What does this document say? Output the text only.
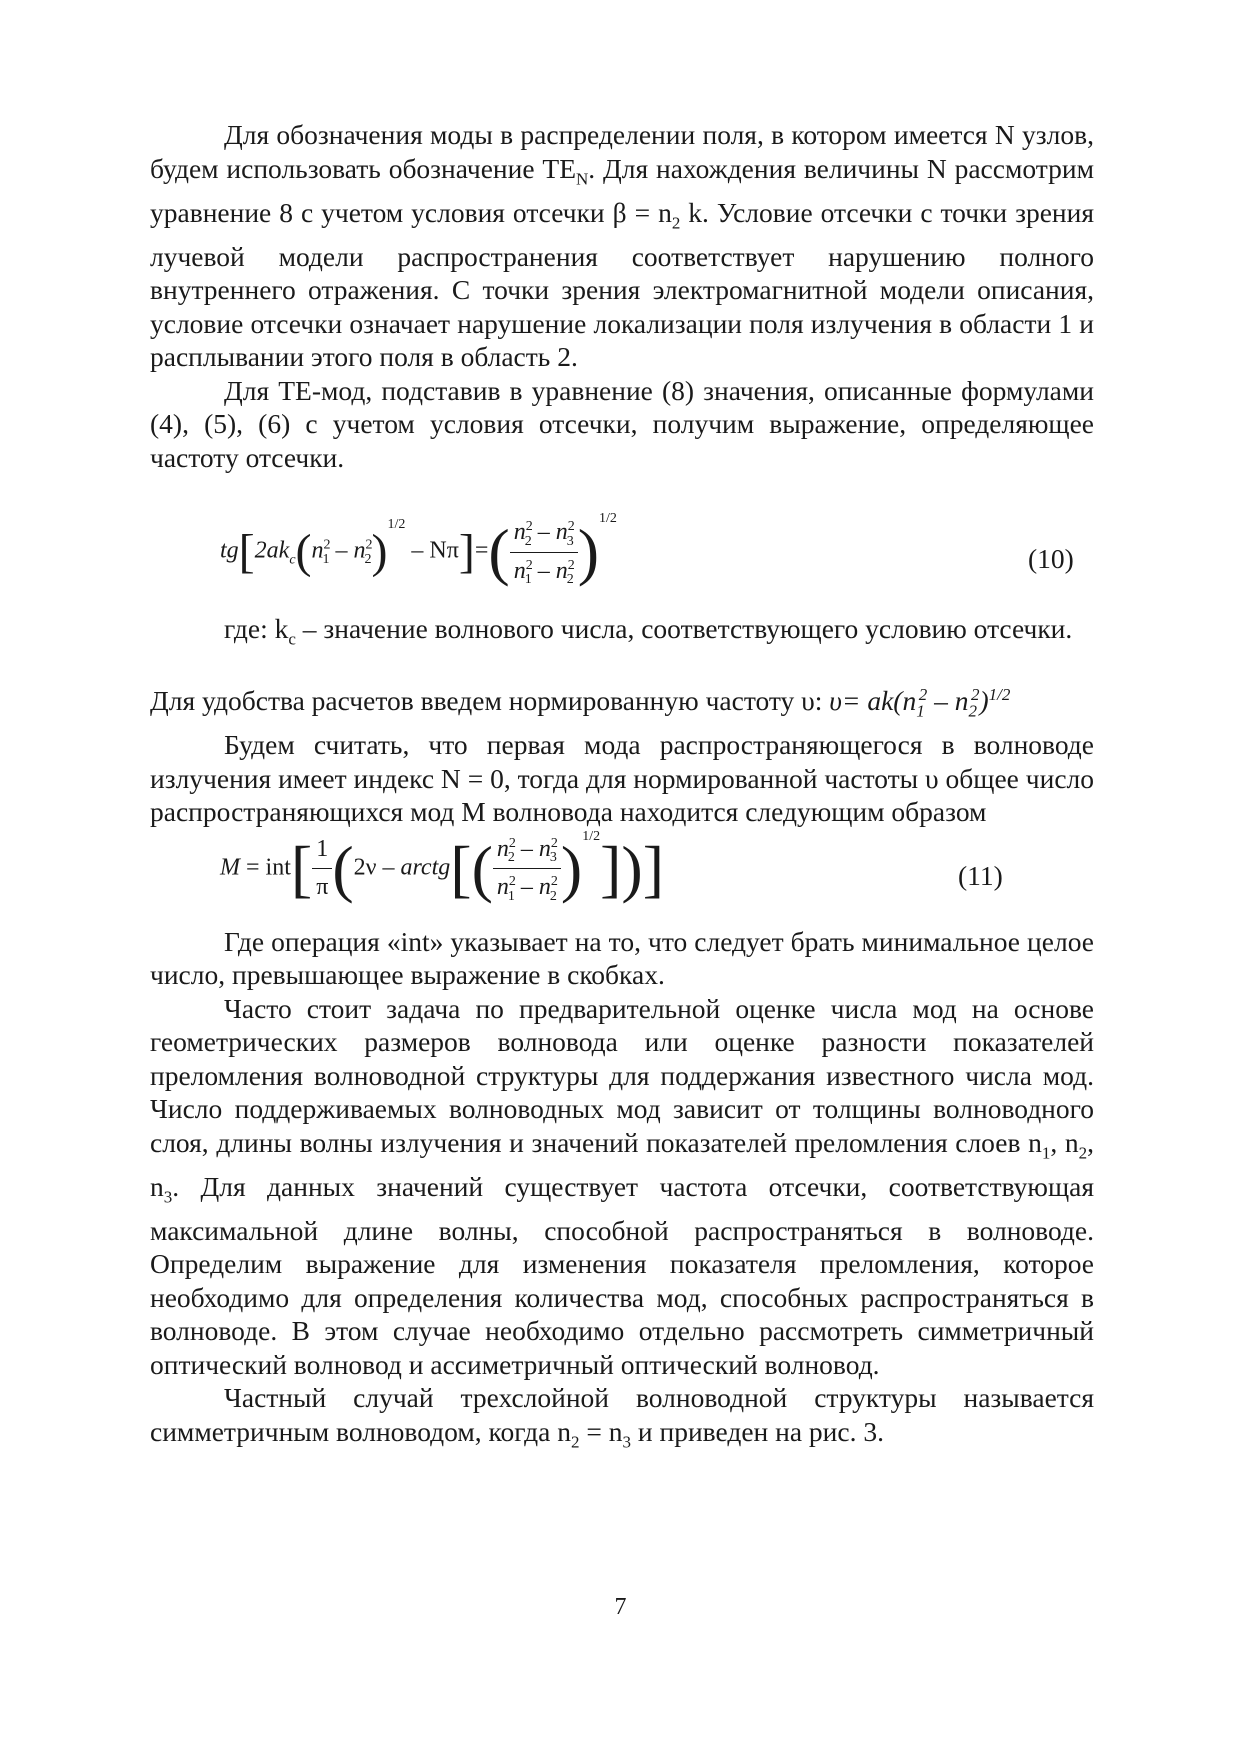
Для обозначения моды в распределении поля, в котором имеется N узлов, будем использовать обозначение $TE_N$. Для нахождения величины N рассмотрим уравнение 8 с учетом условия отсечки $\beta = n_2$ k. Условие отсечки с точки зрения лучевой модели распространения соответствует нарушению полного внутреннего отражения. С точки зрения электромагнитной модели описания, условие отсечки означает нарушение локализации поля излучения в области 1 и расплывании этого поля в область 2.

Для ТЕ-мод, подставив в уравнение (8) значения, описанные формулами (4), (5), (6) с учетом условия отсечки, получим выражение, определяющее частоту отсечки.

$tg[2ak_c(n^2_1 - n^2_2)^{1/2} - N\pi]=( \frac{n^2_2 - n^2_3}{n^2_1 - n^2_2} )^{1/2}$
(10)

где: $k_c$ – значение волнового числа, соответствующего условию отсечки.

Для удобства расчетов введем нормированную частоту υ: $\upsilon= ak(n_1^2 - n_2^2)^{1/2}$

Будем считать, что первая мода распространяющегося в волноводе излучения имеет индекс N = 0, тогда для нормированной частоты υ общее число распространяющихся мод М волновода находится следующим образом

$M = int[ \frac{1}{\pi} (2\nu$ – arctg[( $\frac{n^2_2 - n^2_3}{n^2_1 - n^2_2} )^{1/2}$])]	(11)

Где операция «int» указывает на то, что следует брать минимальное целое число, превышающее выражение в скобках.

Часто стоит задача по предварительной оценке числа мод на основе геометрических размеров волновода или оценке разности показателей преломления волноводной структуры для поддержания известного числа мод. Число поддерживаемых волноводных мод зависит от толщины волноводного слоя, длины волны излучения и значений показателей преломления слоев $n_1$, $n_2$, $n_3$. Для данных значений существует частота отсечки, соответствующая максимальной длине волны, способной распространяться в волноводе. Определим выражение для изменения показателя преломления, которое необходимо для определения количества мод, способных распространяться в волноводе. В этом случае необходимо отдельно рассмотреть симметричный оптический волновод и ассиметричный оптический волновод.

Частный случай трехслойной волноводной структуры называется симметричным волноводом, когда $n_2 = n_3$ и приведен на рис. 3.

7
